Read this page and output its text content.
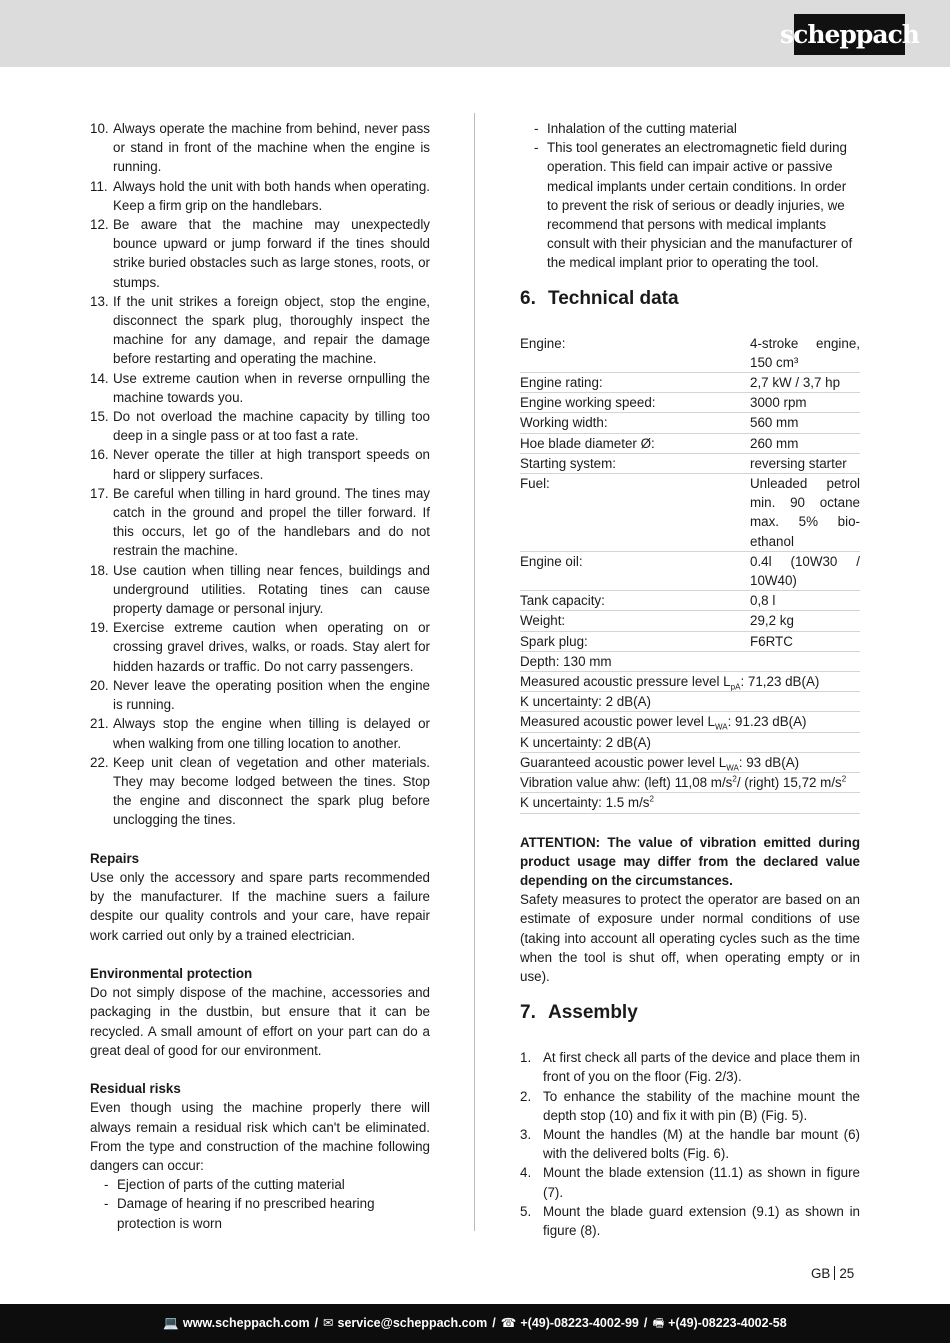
scheppach
10. Always operate the machine from behind, never pass or stand in front of the machine when the engine is running.
11. Always hold the unit with both hands when operating. Keep a firm grip on the handlebars.
12. Be aware that the machine may unexpectedly bounce upward or jump forward if the tines should strike buried obstacles such as large stones, roots, or stumps.
13. If the unit strikes a foreign object, stop the engine, disconnect the spark plug, thoroughly inspect the machine for any damage, and repair the damage before restarting and operating the machine.
14. Use extreme caution when in reverse ornpulling the machine towards you.
15. Do not overload the machine capacity by tilling too deep in a single pass or at too fast a rate.
16. Never operate the tiller at high transport speeds on hard or slippery surfaces.
17. Be careful when tilling in hard ground. The tines may catch in the ground and propel the tiller forward. If this occurs, let go of the handlebars and do not restrain the machine.
18. Use caution when tilling near fences, buildings and underground utilities. Rotating tines can cause property damage or personal injury.
19. Exercise extreme caution when operating on or crossing gravel drives, walks, or roads. Stay alert for hidden hazards or traffic. Do not carry passengers.
20. Never leave the operating position when the engine is running.
21. Always stop the engine when tilling is delayed or when walking from one tilling location to another.
22. Keep unit clean of vegetation and other materials. They may become lodged between the tines. Stop the engine and disconnect the spark plug before unclogging the tines.
Repairs
Use only the accessory and spare parts recommended by the manufacturer. If the machine suers a failure despite our quality controls and your care, have repair work carried out only by a trained electrician.
Environmental protection
Do not simply dispose of the machine, accessories and packaging in the dustbin, but ensure that it can be recycled. A small amount of effort on your part can do a great deal of good for our environment.
Residual risks
Even though using the machine properly there will always remain a residual risk which can't be eliminated. From the type and construction of the machine following dangers can occur:
- Ejection of parts of the cutting material
- Damage of hearing if no prescribed hearing protection is worn
- Inhalation of the cutting material
- This tool generates an electromagnetic field during operation. This field can impair active or passive medical implants under certain conditions. In order to prevent the risk of serious or deadly injuries, we recommend that persons with medical implants consult with their physician and the manufacturer of the medical implant prior to operating the tool.
6. Technical data
Engine:	4-stroke engine, 150 cm³
Engine rating:	2,7 kW / 3,7 hp
Engine working speed:	3000 rpm
Working width:	560 mm
Hoe blade diameter Ø:	260 mm
Starting system:	reversing starter
Fuel:	Unleaded petrol min. 90 octane max. 5% bio-ethanol
Engine oil:	0.4l (10W30 / 10W40)
Tank capacity:	0,8 l
Weight:	29,2 kg
Spark plug:	F6RTC
Depth: 130 mm
Measured acoustic pressure level $L_{pA}$: 71,23 dB(A)
K uncertainty: 2 dB(A)
Measured acoustic power level $L_{WA}$: 91.23 dB(A)
K uncertainty: 2 dB(A)
Guaranteed acoustic power level $L_{WA}$: 93 dB(A)
Vibration value ahw: (left) 11,08 $m/s^2/$ (right) 15,72 $m/s^2$
K uncertainty: 1.5 $m/s^2$
ATTENTION: The value of vibration emitted during product usage may differ from the declared value depending on the circumstances.
Safety measures to protect the operator are based on an estimate of exposure under normal conditions of use (taking into account all operating cycles such as the time when the tool is shut off, when operating empty or in use).
7. Assembly
1. At first check all parts of the device and place them in front of you on the floor (Fig. 2/3).
2. To enhance the stability of the machine mount the depth stop (10) and fix it with pin (B) (Fig. 5).
3. Mount the handles (M) at the handle bar mount (6) with the delivered bolts (Fig. 6).
4. Mount the blade extension (11.1) as shown in figure (7).
5. Mount the blade guard extension (9.1) as shown in figure (8).
GB 25
💻 www.scheppach.com / ✉ service@scheppach.com / ☎ +(49)-08223-4002-99 / 🖷 +(49)-08223-4002-58
